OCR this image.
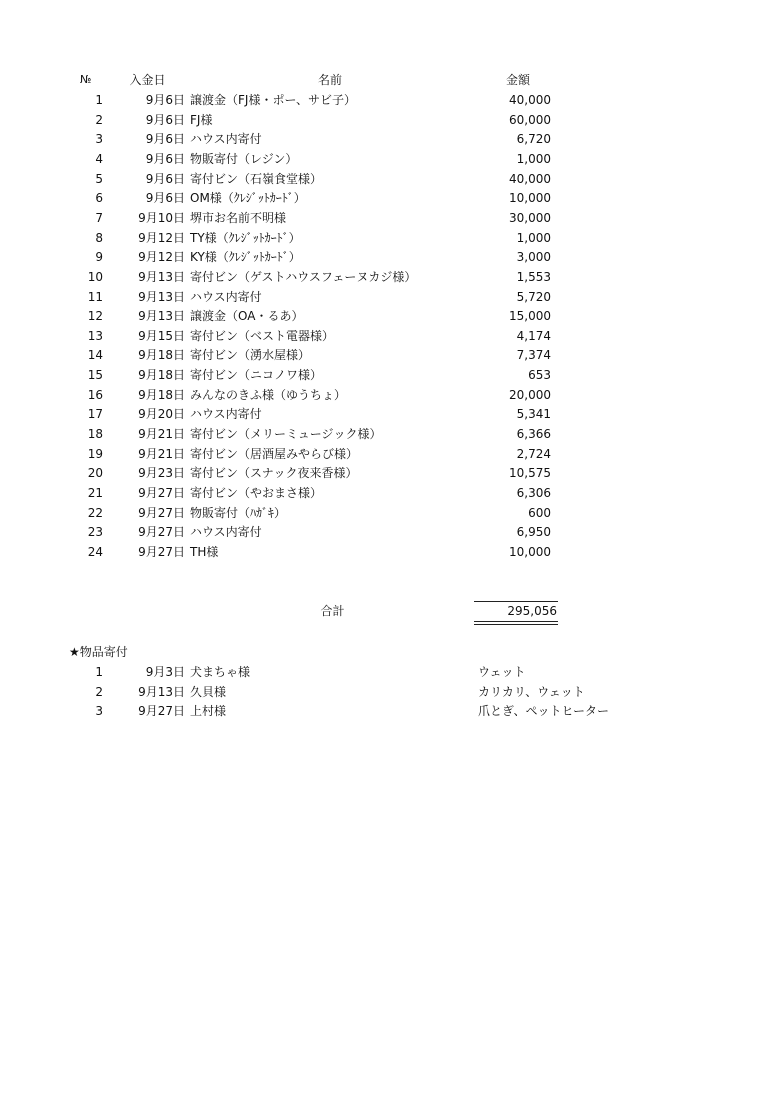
№	入金日	名前	金額
1	9月6日 譲渡金（FJ様・ポー、サビ子）	40,000
2	9月6日 FJ様	60,000
3	9月6日 ハウス内寄付	6,720
4	9月6日 物販寄付（レジン）	1,000
5	9月6日 寄付ビン（石嶺食堂様）	40,000
6	9月6日 OM様（ｸﾚｼﾞｯﾄｶｰﾄﾞ）	10,000
7	9月10日 堺市お名前不明様	30,000
8	9月12日 TY様（ｸﾚｼﾞｯﾄｶｰﾄﾞ）	1,000
9	9月12日 KY様（ｸﾚｼﾞｯﾄｶｰﾄﾞ）	3,000
10	9月13日 寄付ビン（ゲストハウスフェーヌカジ様）	1,553
11	9月13日 ハウス内寄付	5,720
12	9月13日 譲渡金（OA・るあ）	15,000
13	9月15日 寄付ビン（ベスト電器様）	4,174
14	9月18日 寄付ビン（湧水屋様）	7,374
15	9月18日 寄付ビン（ニコノワ様）	653
16	9月18日 みんなのきふ様（ゆうちょ）	20,000
17	9月20日 ハウス内寄付	5,341
18	9月21日 寄付ビン（メリーミュージック様）	6,366
19	9月21日 寄付ビン（居酒屋みやらび様）	2,724
20	9月23日 寄付ビン（スナック夜来香様）	10,575
21	9月27日 寄付ビン（やおまさ様）	6,306
22	9月27日 物販寄付（ﾊｶﾞｷ）	600
23	9月27日 ハウス内寄付	6,950
24	9月27日 TH様	10,000
合計	295,056
★物品寄付
1	9月3日 犬まちゃ様	ウェット
2	9月13日 久貝様	カリカリ、ウェット
3	9月27日 上村様	爪とぎ、ペットヒーター
